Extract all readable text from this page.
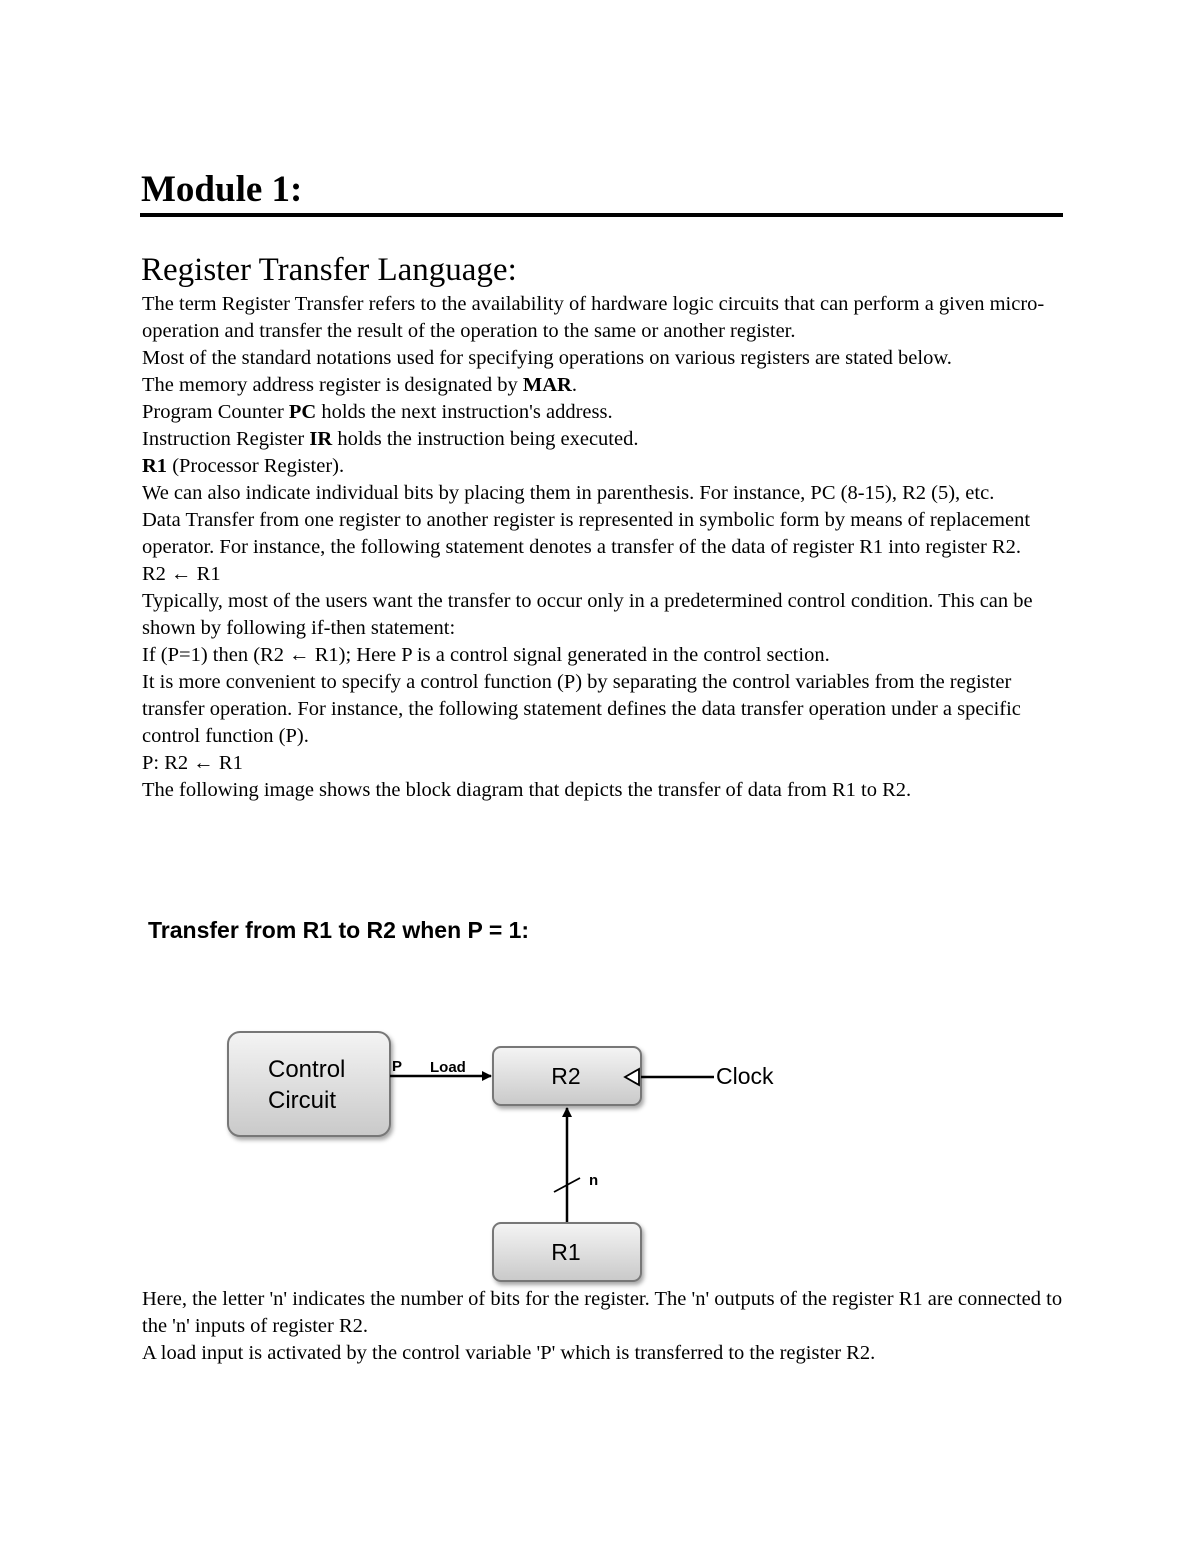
Module 1:
Register Transfer Language:

The term Register Transfer refers to the availability of hardware logic circuits that can perform a given micro-operation and transfer the result of the operation to the same or another register.

Most of the standard notations used for specifying operations on various registers are stated below.

The memory address register is designated by MAR.

Program Counter PC holds the next instruction's address.

Instruction Register IR holds the instruction being executed.

R1 (Processor Register).

We can also indicate individual bits by placing them in parenthesis. For instance, PC (8-15), R2 (5), etc.

Data Transfer from one register to another register is represented in symbolic form by means of replacement operator. For instance, the following statement denotes a transfer of the data of register R1 into register R2.

R2 ← R1

Typically, most of the users want the transfer to occur only in a predetermined control condition. This can be shown by following if-then statement:

If (P=1) then (R2 ← R1); Here P is a control signal generated in the control section.

It is more convenient to specify a control function (P) by separating the control variables from the register transfer operation. For instance, the following statement defines the data transfer operation under a specific control function (P).

P: R2 ← R1

The following image shows the block diagram that depicts the transfer of data from R1 to R2.

Transfer from R1 to R2 when P = 1:
Control
Circuit
R2
R1
P Load	Clock
n

Here, the letter 'n' indicates the number of bits for the register. The 'n' outputs of the register R1 are connected to the 'n' inputs of register R2.

A load input is activated by the control variable 'P' which is transferred to the register R2.
